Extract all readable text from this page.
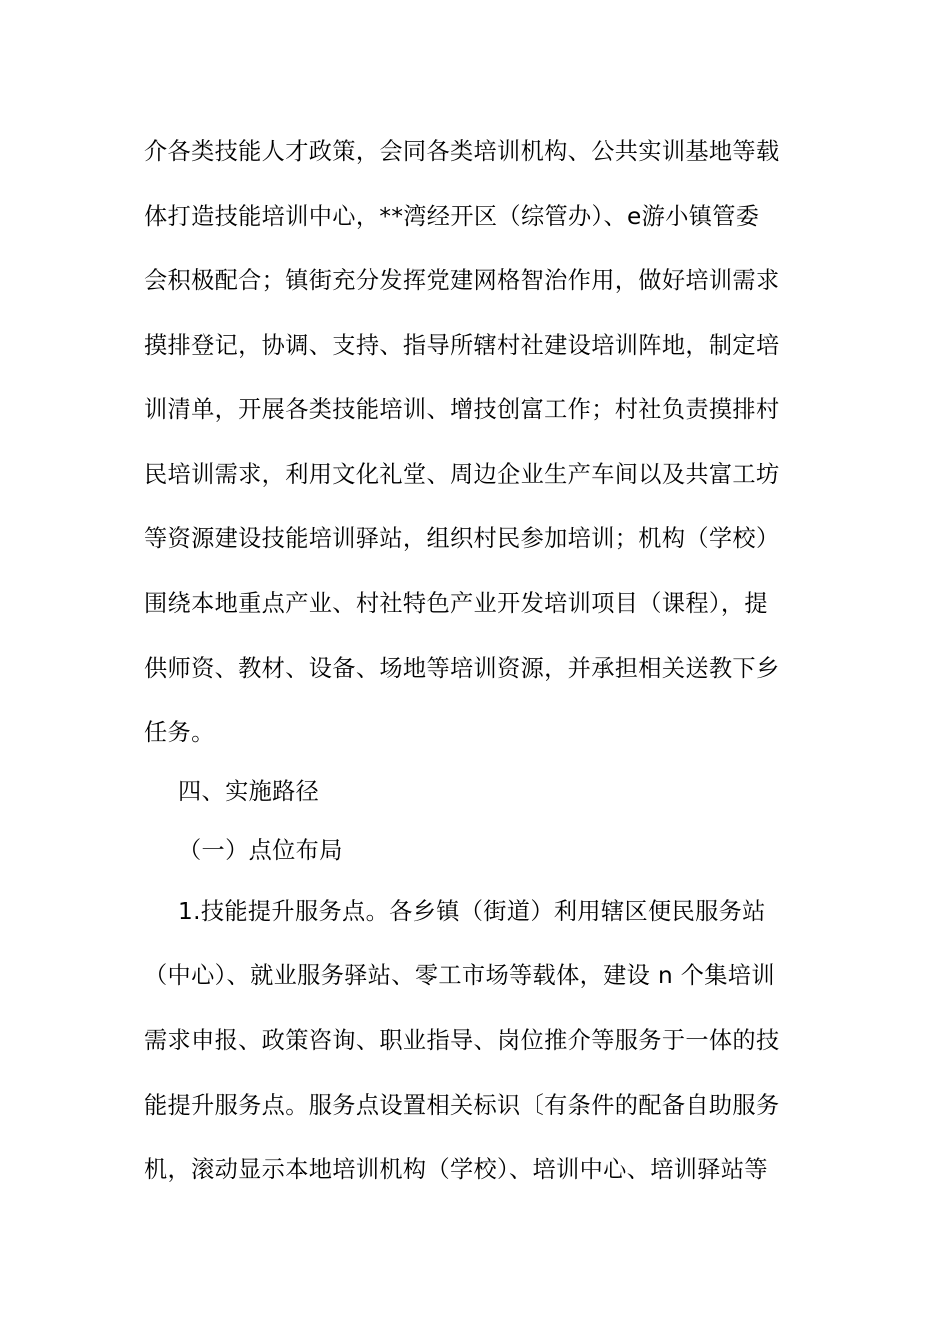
介各类技能人才政策，会同各类培训机构、公共实训基地等载
体打造技能培训中心，**湾经开区（综管办）、e游小镇管委
会积极配合；镇街充分发挥党建网格智治作用，做好培训需求
摸排登记，协调、支持、指导所辖村社建设培训阵地，制定培
训清单，开展各类技能培训、增技创富工作；村社负责摸排村
民培训需求，利用文化礼堂、周边企业生产车间以及共富工坊
等资源建设技能培训驿站，组织村民参加培训；机构（学校）
围绕本地重点产业、村社特色产业开发培训项目（课程），提
供师资、教材、设备、场地等培训资源，并承担相关送教下乡
任务。
四、实施路径
（一）点位布局
1.技能提升服务点。各乡镇（街道）利用辖区便民服务站
（中心）、就业服务驿站、零工市场等载体，建设 n 个集培训
需求申报、政策咨询、职业指导、岗位推介等服务于一体的技
能提升服务点。服务点设置相关标识〔有条件的配备自助服务
机，滚动显示本地培训机构（学校）、培训中心、培训驿站等
